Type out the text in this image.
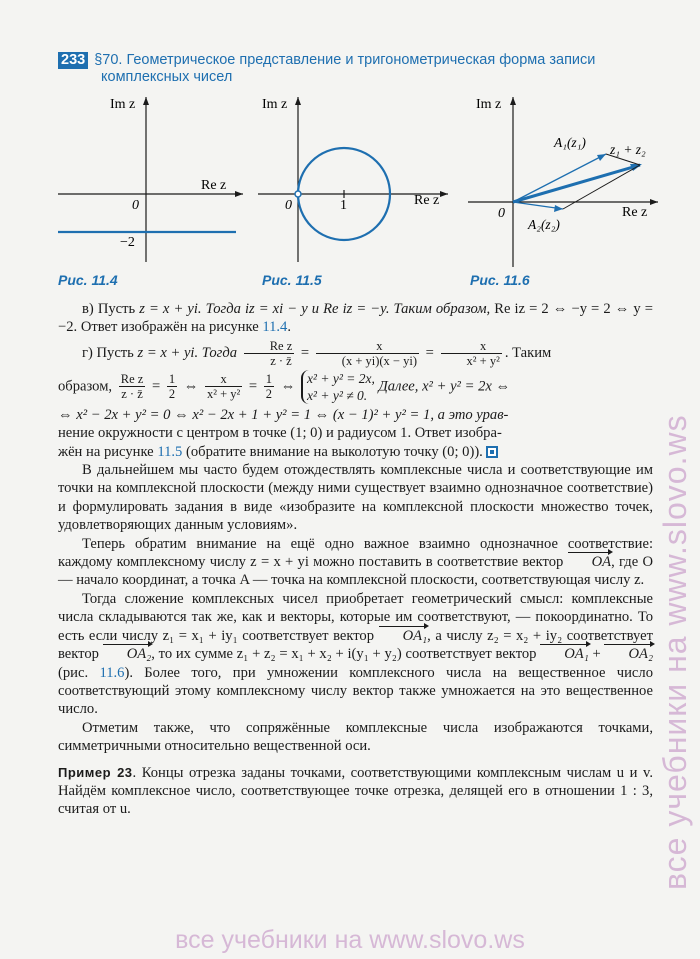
233 §70. Геометрическое представление и тригонометрическая форма записи
комплексных чисел
Im z
Re z
0
−2
Рис. 11.4
Im z
Re z
0	1
Рис. 11.5
Im z
Re z
0
A₁(z₁) z₁ + z₂
A₂(z₂)
Рис. 11.6

в) Пусть z = x + yi. Тогда iz = xi − y и Re iz = −y. Таким образом, Re iz = 2 ⇔ −y = 2 ⇔ y = −2. Ответ изображён на рисунке 11.4.

г) Пусть z = x + yi. Тогда $\frac{\text{Re z}}{z \cdot z̄} = \frac{x}{(x + yi)(x - yi)} = \frac{x}{\text{x² + y²}}$ . Таким

образом, $\frac{\text{Re z}}{z \cdot z̄} = \frac{1}{2}$ ⇔ $\frac{x}{\text{x² + y²}} = \frac{1}{2}$ ⇔ x² + y² = 2x,
x² + y² ≠ 0. Далее, x² + y² = 2x ⇔

⇔ x² − 2x + y² = 0 ⇔ x² − 2x + 1 + y² = 1 ⇔ (x − 1)² + y² = 1, а это урав-

нение окружности с центром в точке (1; 0) и радиусом 1. Ответ изобра-

жён на рисунке 11.5 (обратите внимание на выколотую точку (0; 0)).

В дальнейшем мы часто будем отождествлять комплексные числа и соответствующие им точки на комплексной плоскости (между ними существует взаимно однозначное соответствие) и формулировать задания в виде «изобразите на комплексной плоскости множество точек, удовлетворяющих данным условиям».

Теперь обратим внимание на ещё одно важное взаимно однозначное соответствие: каждому комплексному числу z = x + yi можно поставить в соответствие вектор OA, где O — начало координат, а точка A — точка на комплексной плоскости, соответствующая числу z.

Тогда сложение комплексных чисел приобретает геометрический смысл: комплексные числа складываются так же, как и векторы, которые им соответствуют, — покоординатно. То есть если числу z₁ = x₁ + iy₁ соответствует вектор OA₁, а числу z₂ = x₂ + iy₂ соответствует вектор OA₂, то их сумме z₁ + z₂ = x₁ + x₂ + i(y₁ + y₂) соответствует вектор OA₁ + OA₂ (рис. 11.6). Более того, при умножении комплексного числа на вещественное число соответствующий этому комплексному числу вектор также умножается на это вещественное число.

Отметим также, что сопряжённые комплексные числа изображаются точками, симметричными относительно вещественной оси.

Пример 23. Концы отрезка заданы точками, соответствующими комплексным числам u и v. Найдём комплексное число, соответствующее точке отрезка, делящей его в отношении 1 : 3, считая от u.	все учебники на www.slovo.ws
все учебники на www.slovo.ws
